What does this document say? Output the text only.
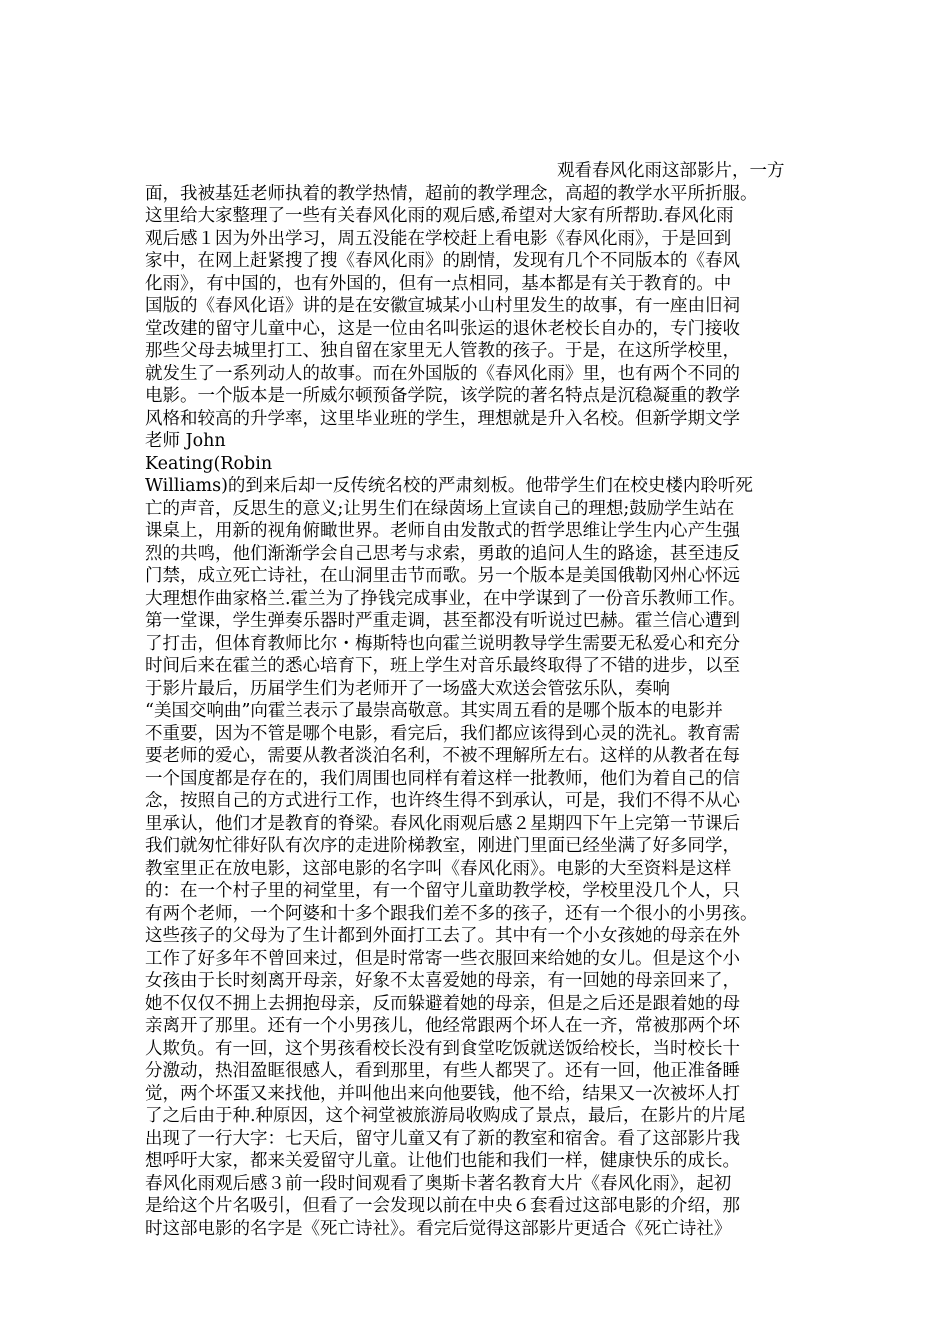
观看春风化雨这部影片，一方
面，我被基廷老师执着的教学热情，超前的教学理念，高超的教学水平所折服。
这里给大家整理了一些有关春风化雨的观后感,希望对大家有所帮助.春风化雨
观后感１因为外出学习，周五没能在学校赶上看电影《春风化雨》，于是回到
家中，在网上赶紧搜了搜《春风化雨》的剧情，发现有几个不同版本的《春风
化雨》，有中国的，也有外国的，但有一点相同，基本都是有关于教育的。中
国版的《春风化语》讲的是在安徽宣城某小山村里发生的故事，有一座由旧祠
堂改建的留守儿童中心，这是一位由名叫张运的退休老校长自办的，专门接收
那些父母去城里打工、独自留在家里无人管教的孩子。于是，在这所学校里，
就发生了一系列动人的故事。而在外国版的《春风化雨》里，也有两个不同的
电影。一个版本是一所威尔顿预备学院，该学院的著名特点是沉稳凝重的教学
风格和较高的升学率，这里毕业班的学生，理想就是升入名校。但新学期文学
老师 John
Keating(Robin
Williams)的到来后却一反传统名校的严肃刻板。他带学生们在校史楼内聆听死
亡的声音，反思生的意义;让男生们在绿茵场上宣读自己的理想;鼓励学生站在
课桌上，用新的视角俯瞰世界。老师自由发散式的哲学思维让学生内心产生强
烈的共鸣，他们渐渐学会自己思考与求索，勇敢的追问人生的路途，甚至违反
门禁，成立死亡诗社，在山洞里击节而歌。另一个版本是美国俄勒冈州心怀远
大理想作曲家格兰.霍兰为了挣钱完成事业，在中学谋到了一份音乐教师工作。
第一堂课，学生弹奏乐器时严重走调，甚至都没有听说过巴赫。霍兰信心遭到
了打击，但体育教师比尔・梅斯特也向霍兰说明教导学生需要无私爱心和充分
时间后来在霍兰的悉心培育下，班上学生对音乐最终取得了不错的进步，以至
于影片最后，历届学生们为老师开了一场盛大欢送会管弦乐队，奏响
“美国交响曲”向霍兰表示了最崇高敬意。其实周五看的是哪个版本的电影并
不重要，因为不管是哪个电影，看完后，我们都应该得到心灵的洗礼。教育需
要老师的爱心，需要从教者淡泊名利，不被不理解所左右。这样的从教者在每
一个国度都是存在的，我们周围也同样有着这样一批教师，他们为着自己的信
念，按照自己的方式进行工作，也许终生得不到承认，可是，我们不得不从心
里承认，他们才是教育的脊梁。春风化雨观后感２星期四下午上完第一节课后
我们就匆忙徘好队有次序的走进阶梯教室，刚进门里面已经坐满了好多同学，
教室里正在放电影，这部电影的名字叫《春风化雨》。电影的大至资料是这样
的：在一个村子里的祠堂里，有一个留守儿童助教学校，学校里没几个人，只
有两个老师，一个阿婆和十多个跟我们差不多的孩子，还有一个很小的小男孩。
这些孩子的父母为了生计都到外面打工去了。其中有一个小女孩她的母亲在外
工作了好多年不曾回来过，但是时常寄一些衣服回来给她的女儿。但是这个小
女孩由于长时刻离开母亲，好象不太喜爱她的母亲，有一回她的母亲回来了，
她不仅仅不拥上去拥抱母亲，反而躲避着她的母亲，但是之后还是跟着她的母
亲离开了那里。还有一个小男孩儿，他经常跟两个坏人在一齐，常被那两个坏
人欺负。有一回，这个男孩看校长没有到食堂吃饭就送饭给校长，当时校长十
分激动，热泪盈眶很感人，看到那里，有些人都哭了。还有一回，他正准备睡
觉，两个坏蛋又来找他，并叫他出来向他要钱，他不给，结果又一次被坏人打
了之后由于种.种原因，这个祠堂被旅游局收购成了景点，最后，在影片的片尾
出现了一行大字：七天后，留守儿童又有了新的教室和宿舍。看了这部影片我
想呼吁大家，都来关爱留守儿童。让他们也能和我们一样，健康快乐的成长。
春风化雨观后感３前一段时间观看了奥斯卡著名教育大片《春风化雨》，起初
是给这个片名吸引，但看了一会发现以前在中央６套看过这部电影的介绍，那
时这部电影的名字是《死亡诗社》。看完后觉得这部影片更适合《死亡诗社》
